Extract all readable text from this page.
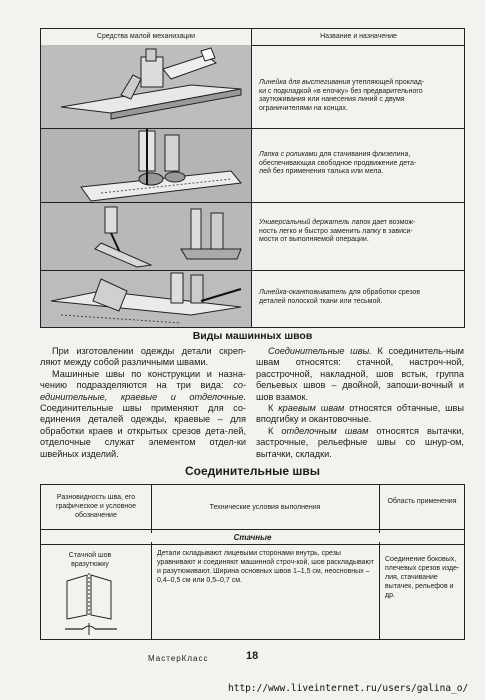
Средства малой механизации	Название и назначение
Линейка для выстегивания утепляющей проклад-
ки с подкладкой «в елочку» без предварительного
заутюживания или нанесения линий с двумя
ограничителями на концах.
Лапка с роликами для стачивания флизелина,
обеспечивающая свободное продвижение дета-
лей без применения талька или мела.
Универсальный держатель лапок дает возмож-
ность легко и быстро заменить лапку в зависи-
мости от выполняемой операции.
Линейка-окантовыватель для обработки срезов
деталей полоской ткани или тесьмой.
Виды машинных швов

При изготовлении одежды детали скреп-ляют между собой различными швами.

Машинные швы по конструкции и назна-чению подразделяются на три вида: со-единительные, краевые и отделочные. Соединительные швы применяют для со-единения деталей одежды, краевые – для обработки краев и открытых срезов дета-лей, отделочные служат элементом отдел-ки швейных изделий.

Соединительные швы. К соединитель-ным швам относятся: стачной, настроч-ной, расстрочной, накладной, шов встык, группа бельевых швов – двойной, запоши-вочный и шов взамок.

К краевым швам относятся обтачные, швы вподгибку и окантовочные.

К отделочным швам относятся вытачки, застрочные, рельефные швы со шнур-ом, вытачки, складки.

Соединительные швы
Разновидность шва, его графическое и условное обозначение
Технические условия выполнения
Область применения
Стачные
Стачной шов вразутюжку
Детали складывают лицевыми сторонами внутрь, срезы уравнивают и соединяют машинной строч-кой, шов раскладывают и разутюживают. Ширина основных швов 1–1,5 см, неосновных – 0,4–0,5 см или 0,5–0,7 см.
Соединение боковых, плечевых срезов изде-лия, стачивание вытачек, рельефов и др.
МастерКласс	18
http://www.liveinternet.ru/users/galina_o/
